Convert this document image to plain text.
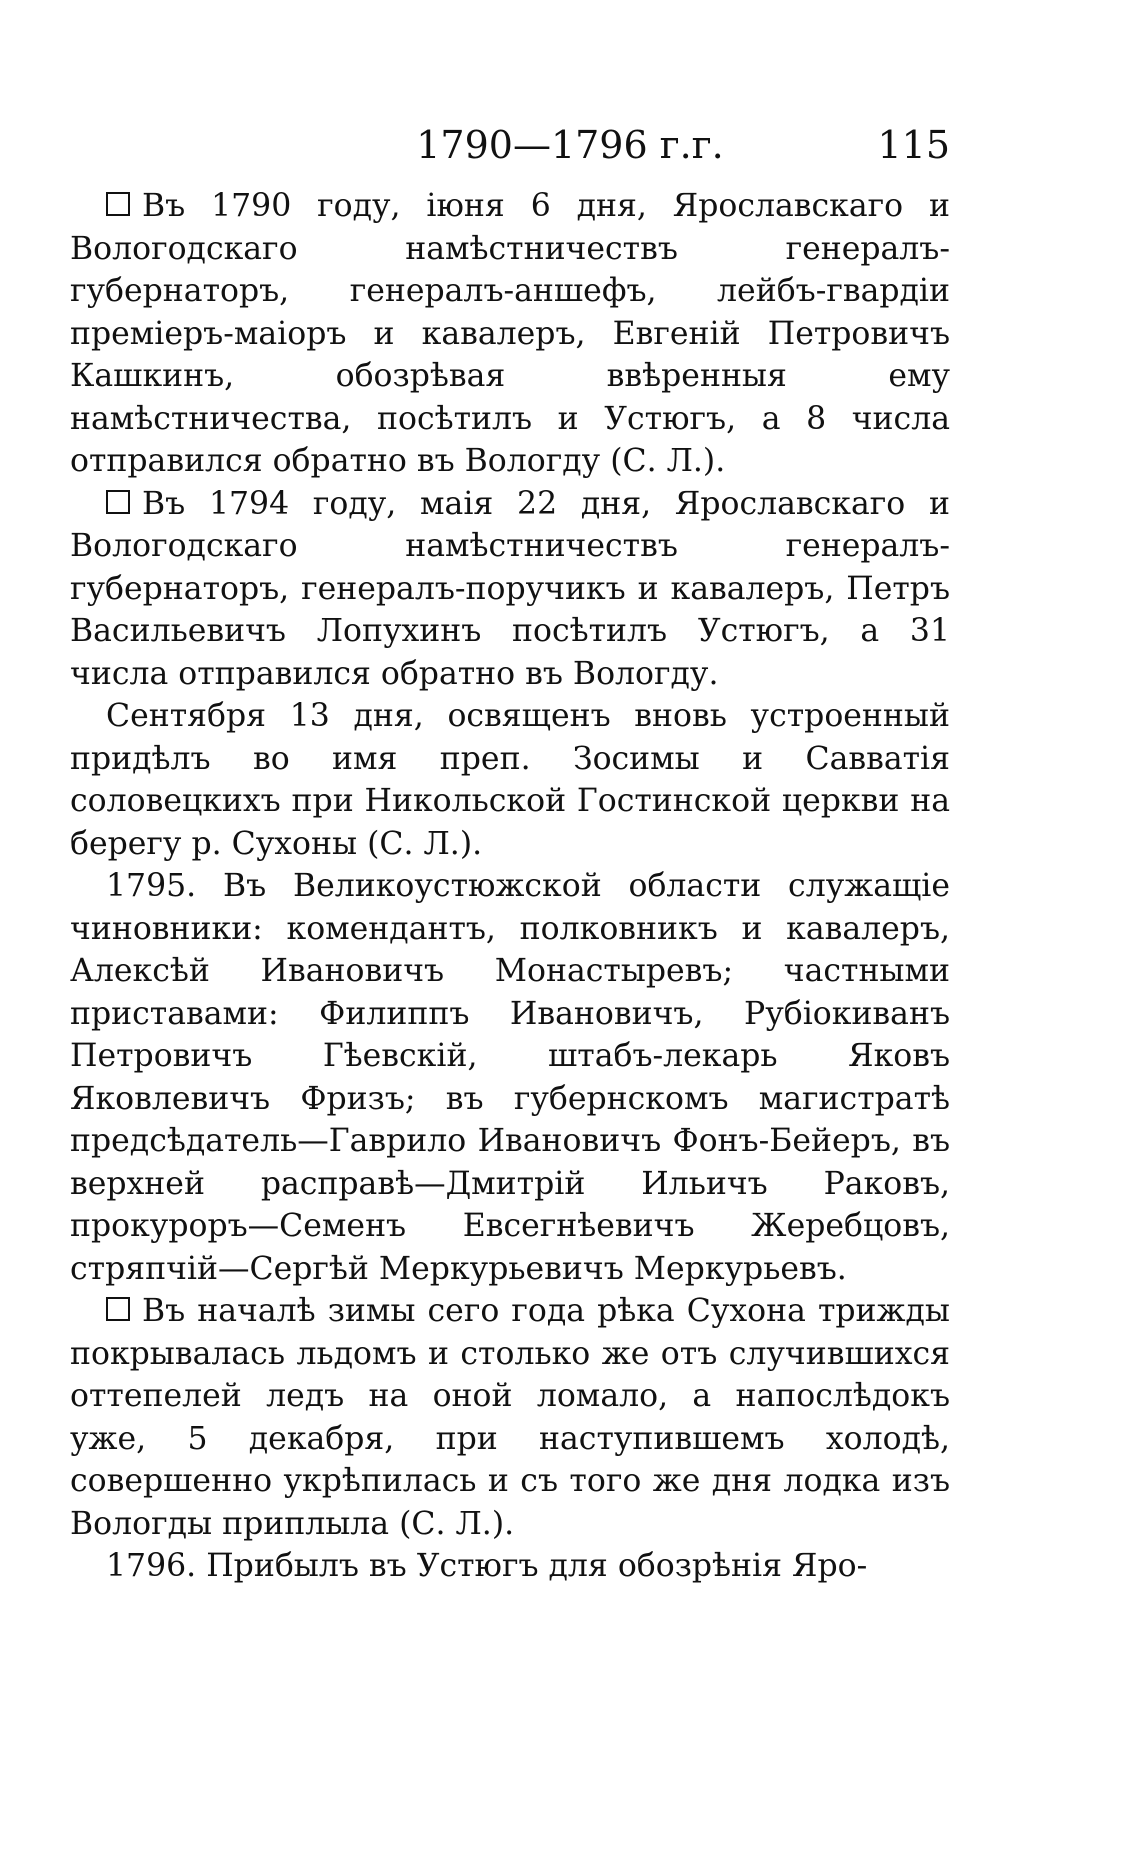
1790—1796 г.г.	115

Въ 1790 году, іюня 6 дня, Ярославскаго и Вологодскаго намѣстничествъ генералъ-губернаторъ, генералъ-аншефъ, лейбъ-гвардіи преміеръ-маіоръ и кавалеръ, Евгеній Петровичъ Кашкинъ, обозрѣвая ввѣренныя ему намѣстничества, посѣтилъ и Устюгъ, а 8 числа отправился обратно въ Вологду (С. Л.).

Въ 1794 году, маія 22 дня, Ярославскаго и Вологодскаго намѣстничествъ генералъ-губернаторъ, генералъ-поручикъ и кавалеръ, Петръ Васильевичъ Лопухинъ посѣтилъ Устюгъ, а 31 числа отправился обратно въ Вологду.

Сентября 13 дня, освященъ вновь устроенный придѣлъ во имя преп. Зосимы и Савватія соловецкихъ при Никольской Гостинской церкви на берегу р. Сухоны (С. Л.).

1795. Въ Великоустюжской области служащіе чиновники: комендантъ, полковникъ и кавалеръ, Алексѣй Ивановичъ Монастыревъ; частными приставами: Филиппъ Ивановичъ, Рубіокиванъ Петровичъ Гѣевскій, штабъ-лекарь Яковъ Яковлевичъ Фризъ; въ губернскомъ магистратѣ предсѣдатель—Гаврило Ивановичъ Фонъ-Бейеръ, въ верхней расправѣ—Дмитрій Ильичъ Раковъ, прокуроръ—Семенъ Евсегнѣевичъ Жеребцовъ, стряпчій—Сергѣй Меркурьевичъ Меркурьевъ.

Въ началѣ зимы сего года рѣка Сухона трижды покрывалась льдомъ и столько же отъ случившихся оттепелей ледъ на оной ломало, а напослѣдокъ уже, 5 декабря, при наступившемъ холодѣ, совершенно укрѣпилась и съ того же дня лодка изъ Вологды приплыла (С. Л.).

1796. Прибылъ въ Устюгъ для обозрѣнія Яро-
